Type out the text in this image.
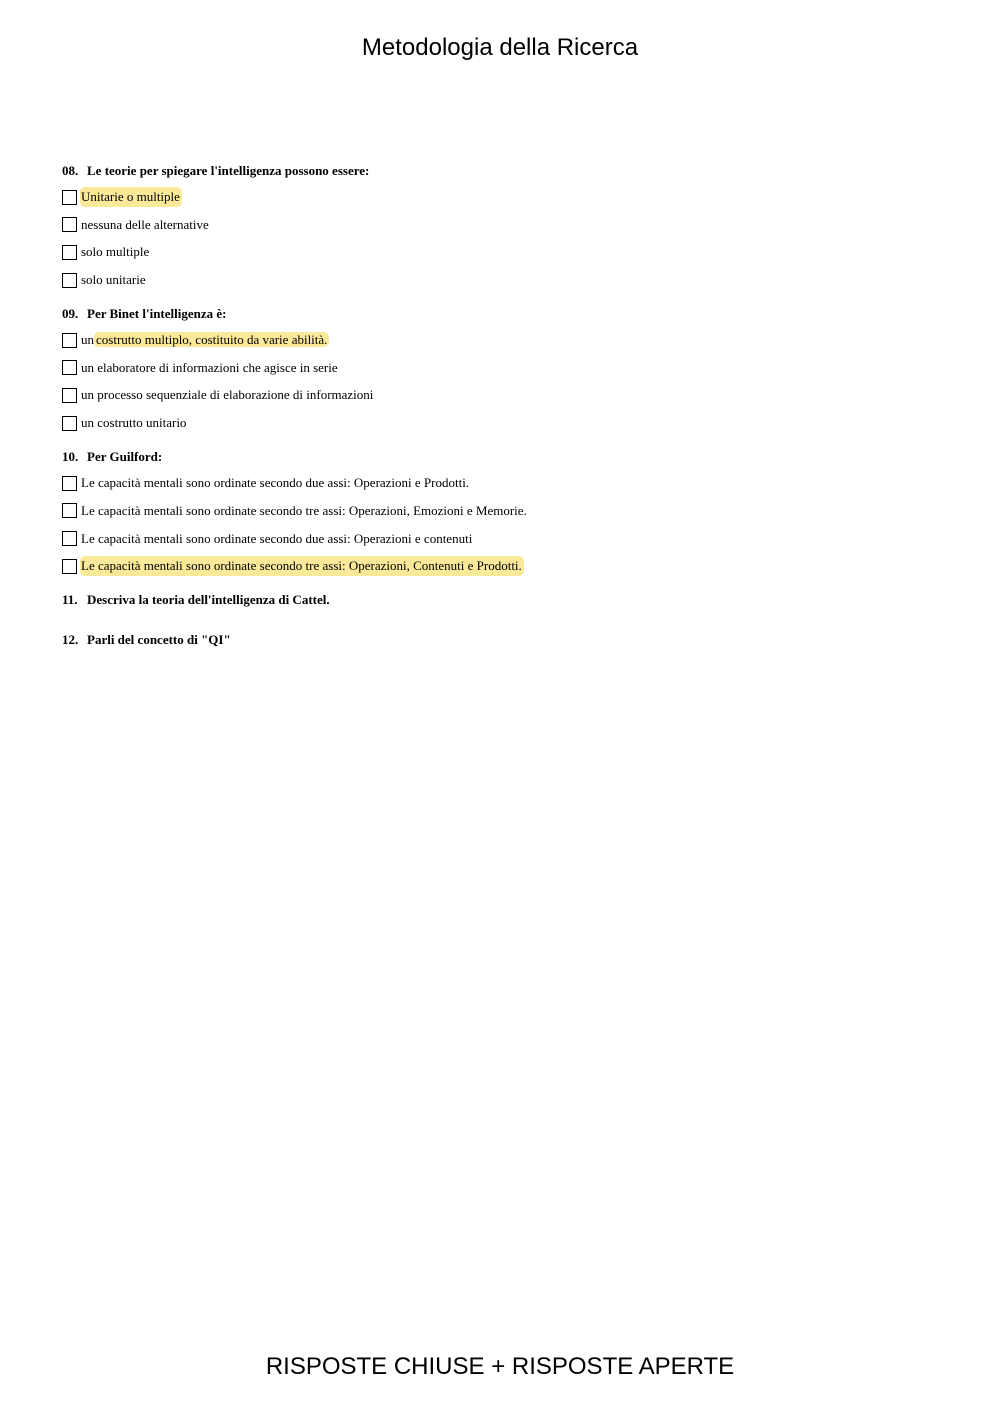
Metodologia della Ricerca
08. Le teorie per spiegare l'intelligenza possono essere:
Unitarie o multiple
nessuna delle alternative
solo multiple
solo unitarie
09. Per Binet l'intelligenza è:
un costrutto multiplo, costituito da varie abilità.
un elaboratore di informazioni che agisce in serie
un processo sequenziale di elaborazione di informazioni
un costrutto unitario
10. Per Guilford:
Le capacità mentali sono ordinate secondo due assi: Operazioni e Prodotti.
Le capacità mentali sono ordinate secondo tre assi: Operazioni, Emozioni e Memorie.
Le capacità mentali sono ordinate secondo due assi: Operazioni e contenuti
Le capacità mentali sono ordinate secondo tre assi: Operazioni, Contenuti e Prodotti.
11. Descriva la teoria dell'intelligenza di Cattel.
12. Parli del concetto di "QI"
RISPOSTE CHIUSE + RISPOSTE APERTE
